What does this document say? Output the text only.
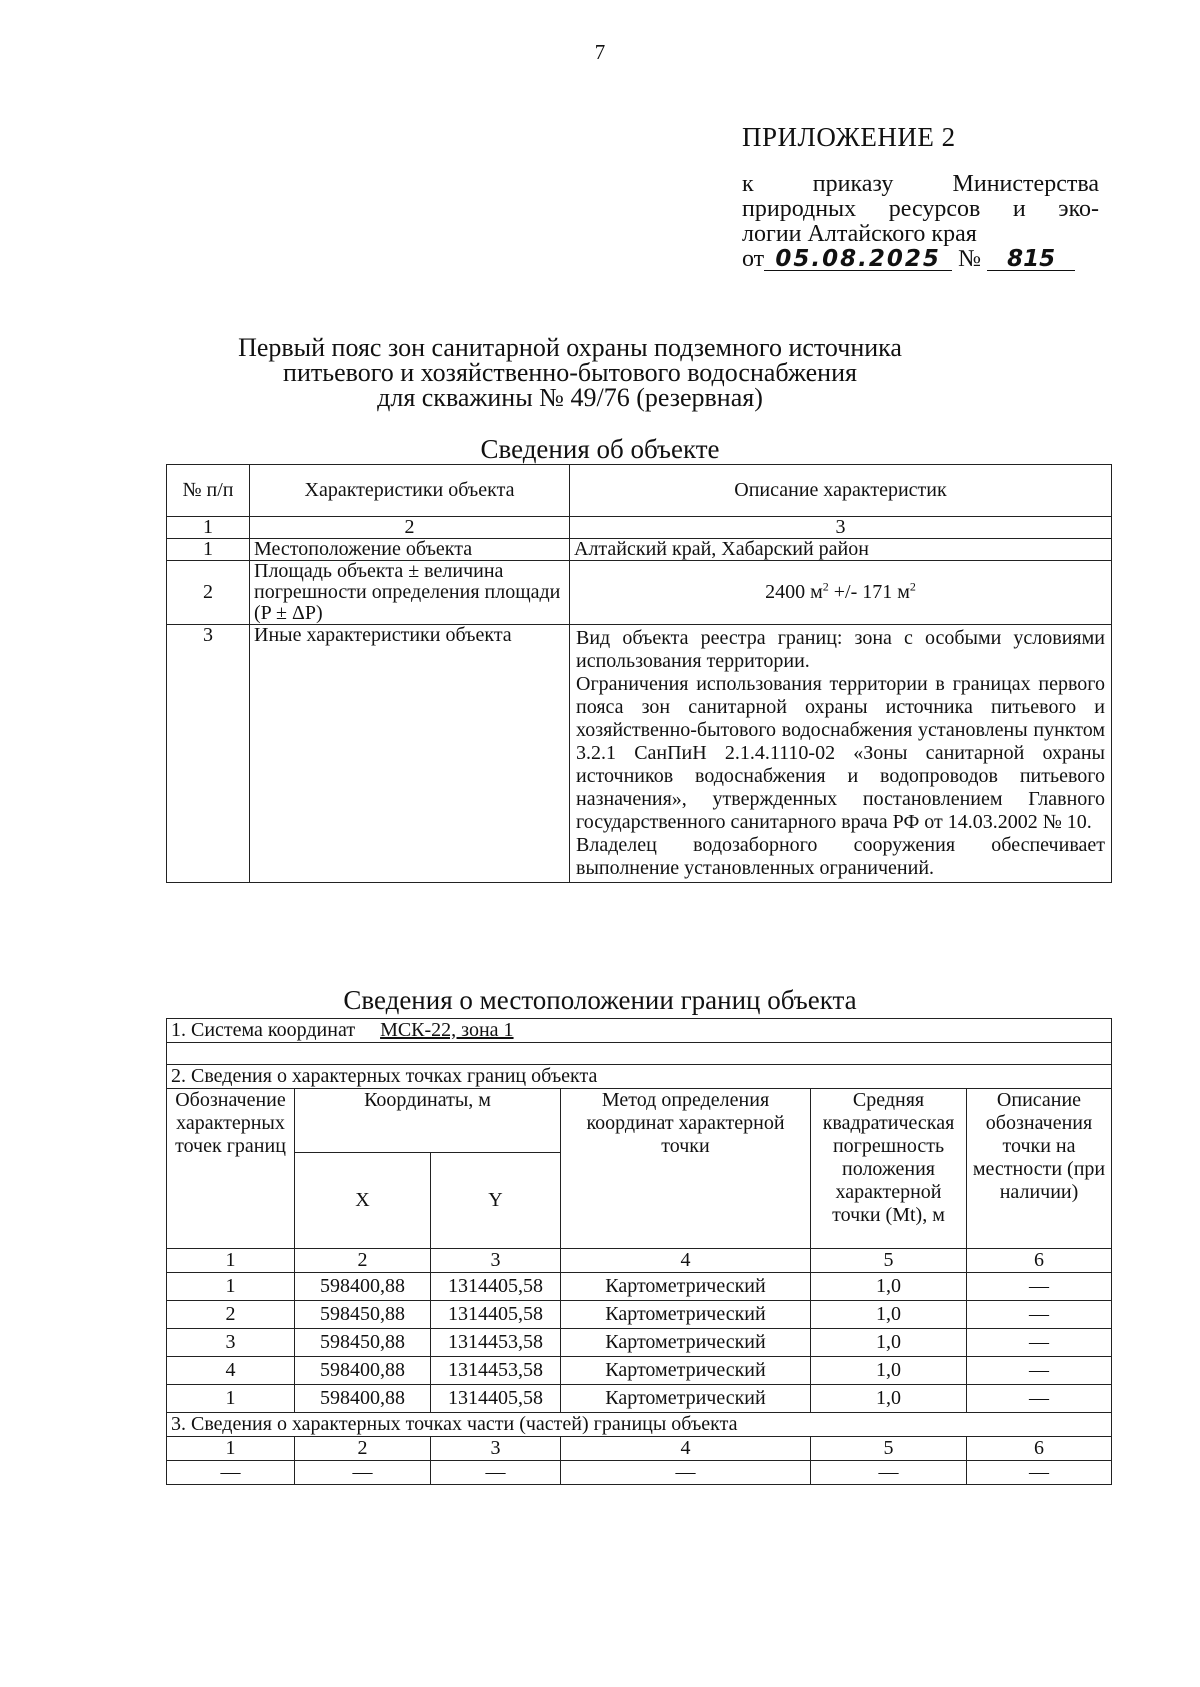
7
ПРИЛОЖЕНИЕ 2
к приказу Министерства
природных ресурсов и эко-
логии Алтайского края
от 05.08.2025 № 815
Первый пояс зон санитарной охраны подземного источника
питьевого и хозяйственно-бытового водоснабжения
для скважины № 49/76 (резервная)
Сведения об объекте
№ п/п	Характеристики объекта	Описание характеристик
1	2	3
1	Местоположение объекта	Алтайский край, Хабарский район
2	Площадь объекта ± величина погрешности определения площади (P ± ΔP)	2400 $м^2$ +/- 171 $м^2$
3	Иные характеристики объекта	Вид объекта реестра границ: зона с особыми условиями использования территории.

Ограничения использования территории в границах первого пояса зон санитарной охраны источника питьевого и хозяйственно-бытового водоснабжения установлены пунктом 3.2.1 СанПиН 2.1.4.1110-02 «Зоны санитарной охраны источников водоснабжения и водопроводов питьевого назначения», утвержденных постановлением Главного государственного санитарного врача РФ от 14.03.2002 № 10.

Владелец водозаборного сооружения обеспечивает выполнение установленных ограничений.

Сведения о местоположении границ объекта
1. Система координат МСК-22, зона 1					

2. Сведения о характерных точках границ объекта					
Обозначение характерных точек границ	Координаты, м		Метод определения координат характерной точки	Средняя квадратическая погрешность положения характерной точки (Mt), м	Описание обозначения точки на местности (при наличии)
	X	Y			
1	2	3	4	5	6
1	598400,88	1314405,58	Картометрический	1,0	—
2	598450,88	1314405,58	Картометрический	1,0	—
3	598450,88	1314453,58	Картометрический	1,0	—
4	598400,88	1314453,58	Картометрический	1,0	—
1	598400,88	1314405,58	Картометрический	1,0	—
3. Сведения о характерных точках части (частей) границы объекта					
1	2	3	4	5	6
—	—	—	—	—	—
